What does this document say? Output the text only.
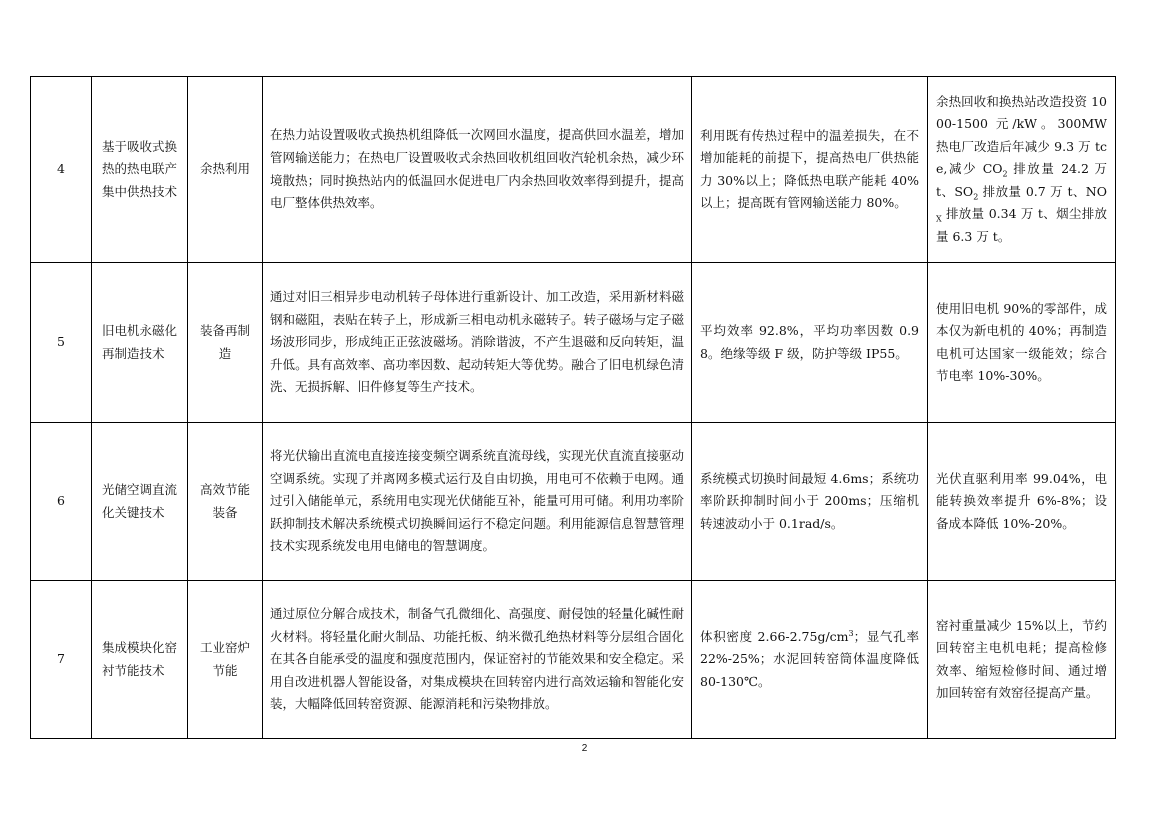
4	基于吸收式换热的热电联产集中供热技术	余热利用	在热力站设置吸收式换热机组降低一次网回水温度，提高供回水温差，增加管网输送能力；在热电厂设置吸收式余热回收机组回收汽轮机余热，减少环境散热；同时换热站内的低温回水促进电厂内余热回收效率得到提升，提高电厂整体供热效率。	利用既有传热过程中的温差损失，在不增加能耗的前提下，提高热电厂供热能力 30%以上；降低热电联产能耗 40%以上；提高既有管网输送能力 80%。	余热回收和换热站改造投资 1000-1500 元/kW。300MW 热电厂改造后年减少 9.3 万 tce,减少 $CO_2$ 排放量 24.2 万 t、$SO_2$ 排放量 0.7 万 t、$NO_X$ 排放量 0.34 万 t、烟尘排放量 6.3 万 t。
5	旧电机永磁化再制造技术	装备再制造	通过对旧三相异步电动机转子母体进行重新设计、加工改造，采用新材料磁钢和磁阻，表贴在转子上，形成新三相电动机永磁转子。转子磁场与定子磁场波形同步，形成纯正正弦波磁场。消除谐波，不产生退磁和反向转矩，温升低。具有高效率、高功率因数、起动转矩大等优势。融合了旧电机绿色清洗、无损拆解、旧件修复等生产技术。	平均效率 92.8%，平均功率因数 0.98。绝缘等级 F 级，防护等级 IP55。	使用旧电机 90%的零部件，成本仅为新电机的 40%；再制造电机可达国家一级能效；综合节电率 10%-30%。
6	光储空调直流化关键技术	高效节能装备	将光伏输出直流电直接连接变频空调系统直流母线，实现光伏直流直接驱动空调系统。实现了并离网多模式运行及自由切换，用电可不依赖于电网。通过引入储能单元，系统用电实现光伏储能互补，能量可用可储。利用功率阶跃抑制技术解决系统模式切换瞬间运行不稳定问题。利用能源信息智慧管理技术实现系统发电用电储电的智慧调度。	系统模式切换时间最短 4.6ms；系统功率阶跃抑制时间小于 200ms；压缩机转速波动小于 0.1rad/s。	光伏直驱利用率 99.04%，电能转换效率提升 6%-8%；设备成本降低 10%-20%。
7	集成模块化窑衬节能技术	工业窑炉节能	通过原位分解合成技术，制备气孔微细化、高强度、耐侵蚀的轻量化碱性耐火材料。将轻量化耐火制品、功能托板、纳米微孔绝热材料等分层组合固化在其各自能承受的温度和强度范围内，保证窑衬的节能效果和安全稳定。采用自改进机器人智能设备，对集成模块在回转窑内进行高效运输和智能化安装，大幅降低回转窑资源、能源消耗和污染物排放。	体积密度 $2.66-2.75g/cm^3$；显气孔率 22%-25%；水泥回转窑筒体温度降低 80-130℃。	窑衬重量减少 15%以上，节约回转窑主电机电耗；提高检修效率、缩短检修时间、通过增加回转窑有效窑径提高产量。
2
